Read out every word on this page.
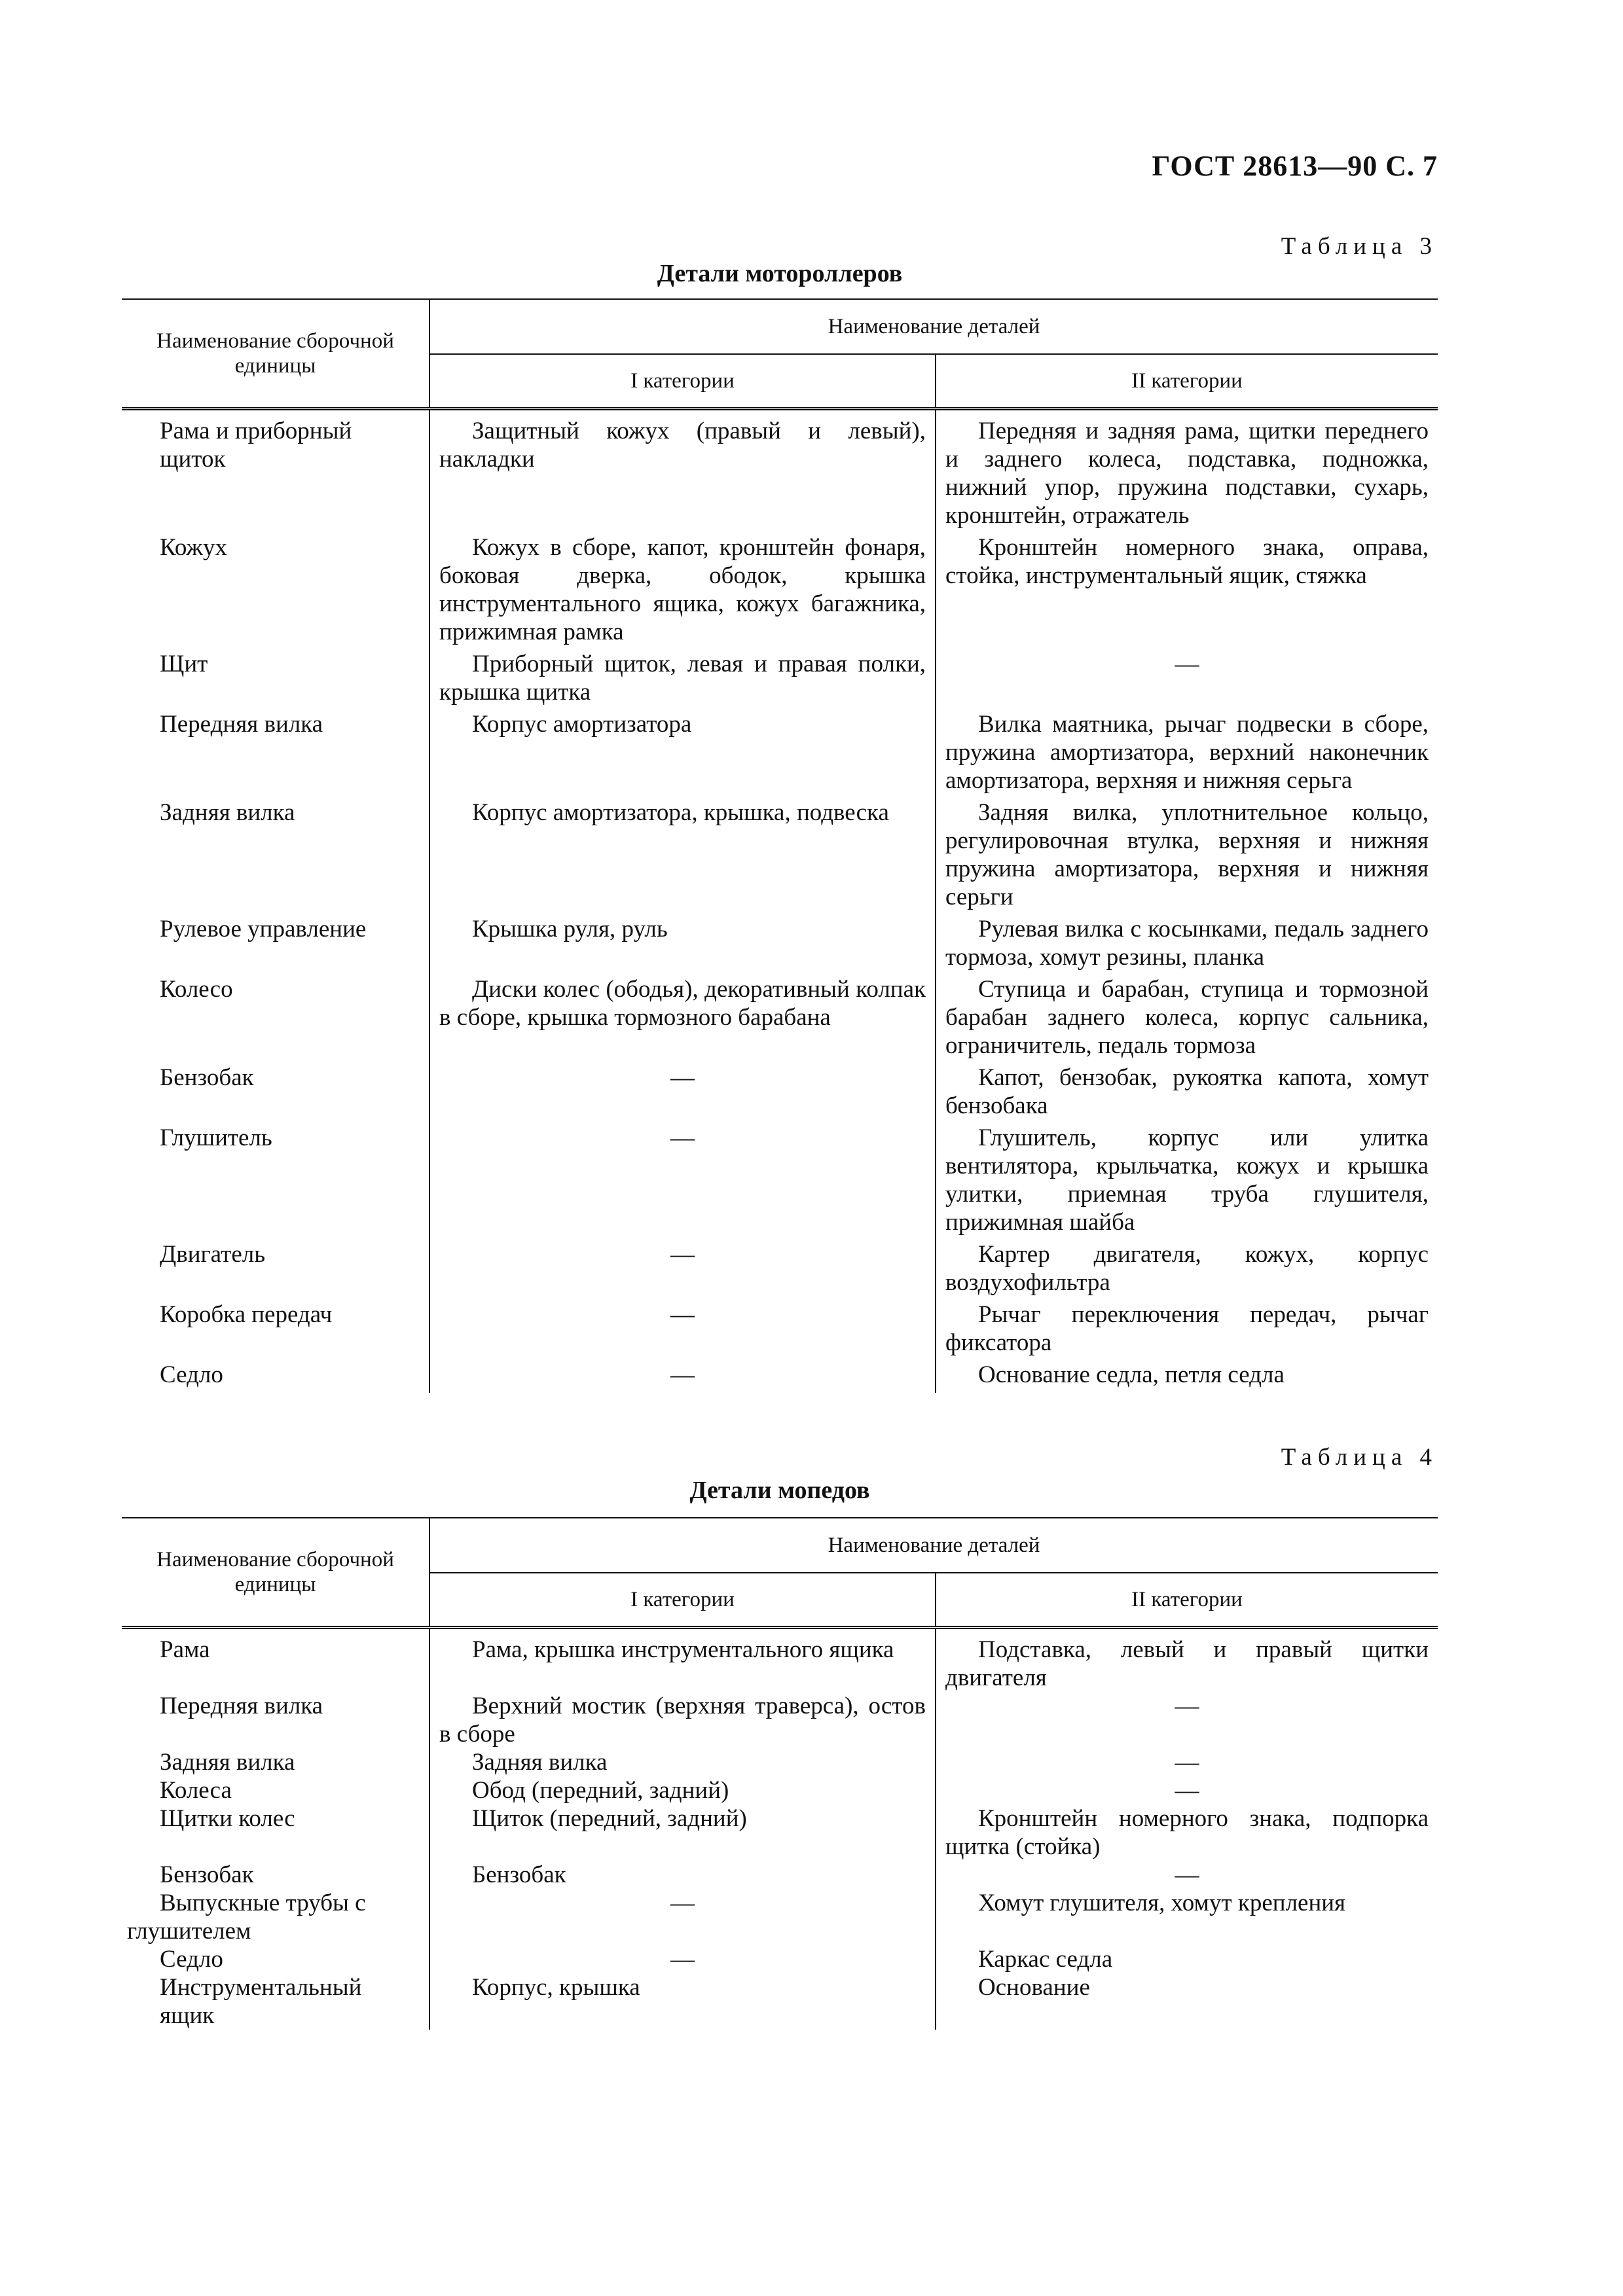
ГОСТ 28613—90 С. 7
Таблица 3
Детали мотороллеров
Наименование сборочной единицы	Наименование деталей	
	I категории	II категории

Рама и приборный щиток	Защитный кожух (правый и левый), накладки	Передняя и задняя рама, щитки переднего и заднего колеса, подставка, подножка, нижний упор, пружина подставки, сухарь, кронштейн, отражатель

Кожух	Кожух в сборе, капот, кронштейн фонаря, боковая дверка, ободок, крышка инструментального ящика, кожух багажника, прижимная рамка	Кронштейн номерного знака, оправа, стойка, инструментальный ящик, стяжка

Щит	Приборный щиток, левая и правая полки, крышка щитка	—

Передняя вилка	Корпус амортизатора	Вилка маятника, рычаг подвески в сборе, пружина амортизатора, верхний наконечник амортизатора, верхняя и нижняя серьга

Задняя вилка	Корпус амортизатора, крышка, подвеска	Задняя вилка, уплотнительное кольцо, регулировочная втулка, верхняя и нижняя пружина амортизатора, верхняя и нижняя серьги

Рулевое управление	Крышка руля, руль	Рулевая вилка с косынками, педаль заднего тормоза, хомут резины, планка

Колесо	Диски колес (ободья), декоративный колпак в сборе, крышка тормозного барабана	Ступица и барабан, ступица и тормозной барабан заднего колеса, корпус сальника, ограничитель, педаль тормоза

Бензобак	—	Капот, бензобак, рукоятка капота, хомут бензобака

Глушитель	—	Глушитель, корпус или улитка вентилятора, крыльчатка, кожух и крышка улитки, приемная труба глушителя, прижимная шайба

Двигатель	—	Картер двигателя, кожух, корпус воздухофильтра

Коробка передач	—	Рычаг переключения передач, рычаг фиксатора

Седло	—	Основание седла, петля седла
Таблица 4
Детали мопедов
Наименование сборочной единицы	Наименование деталей	
	I категории	II категории

Рама	Рама, крышка инструментального ящика	Подставка, левый и правый щитки двигателя

Передняя вилка	Верхний мостик (верхняя траверса), остов в сборе	—

Задняя вилка	Задняя вилка	—

Колеса	Обод (передний, задний)	—

Щитки колес	Щиток (передний, задний)	Кронштейн номерного знака, подпорка щитка (стойка)

Бензобак	Бензобак	—

Выпускные трубы с глушителем	—	Хомут глушителя, хомут крепления

Седло	—	Каркас седла

Инструментальный ящик	Корпус, крышка	Основание
